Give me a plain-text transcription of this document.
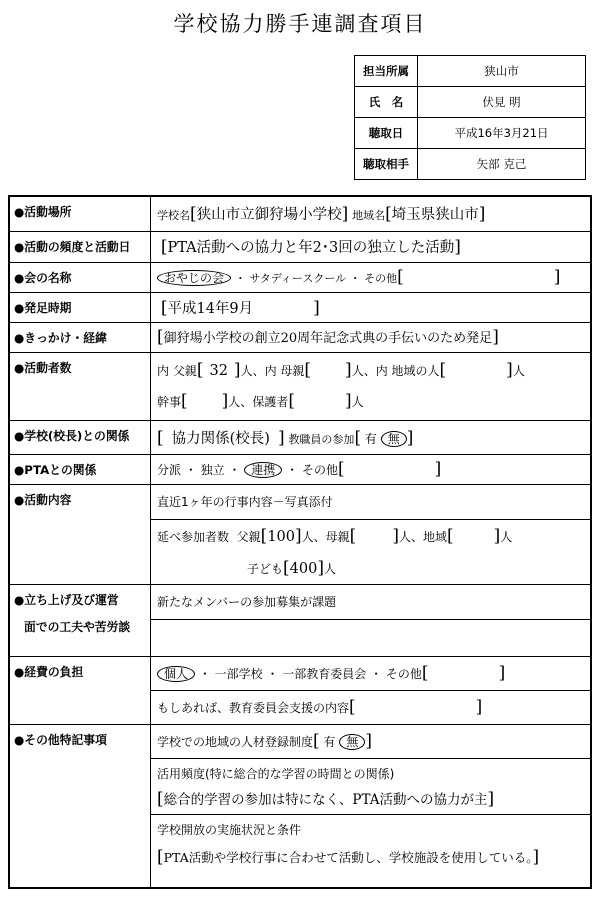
学校協力勝手連調査項目
担当所属	狭山市
氏　名	伏見 明
聴取日	平成16年3月21日
聴取相手	矢部 克己
●活動場所	学校名[狭山市立御狩場小学校] 地域名[埼玉県狭山市]
●活動の頻度と活動日	[PTA活動への協力と年2･3回の独立した活動]
●会の名称	おやじの会 ・ サタディースクール ・ その他[ ]
●発足時期	[平成14年9月 ]
●きっかけ・経緯	[御狩場小学校の創立20周年記念式典の手伝いのため発足]
●活動者数	内 父親[ 32 ]人、内 母親[ ]人、内 地域の人[ ]人
幹事[ ]人、保護者[ ]人

●学校(校長)との関係	[ 協力関係(校長) ] 教職員の参加[ 有 無 ]
●PTAとの関係	分派 ・ 独立 ・ 連携 ・ その他[ ]
●活動内容	直近1ヶ年の行事内容－写真添付
延べ参加者数 父親[100]人、母親[ ]人、地域[ ]人
子ども[400]人

●立ち上げ及び運営
面での工夫や苦労談	新たなメンバーの参加募集が課題

●経費の負担	個人 ・ 一部学校 ・ 一部教育委員会 ・ その他[ ]
もしあれば、教育委員会支援の内容[ ]

●その他特記事項	学校での地域の人材登録制度[ 有 無 ]
活用頻度(特に総合的な学習の時間との関係)
[総合的学習の参加は特になく、PTA活動への協力が主]
学校開放の実施状況と条件
[PTA活動や学校行事に合わせて活動し、学校施設を使用している。]
